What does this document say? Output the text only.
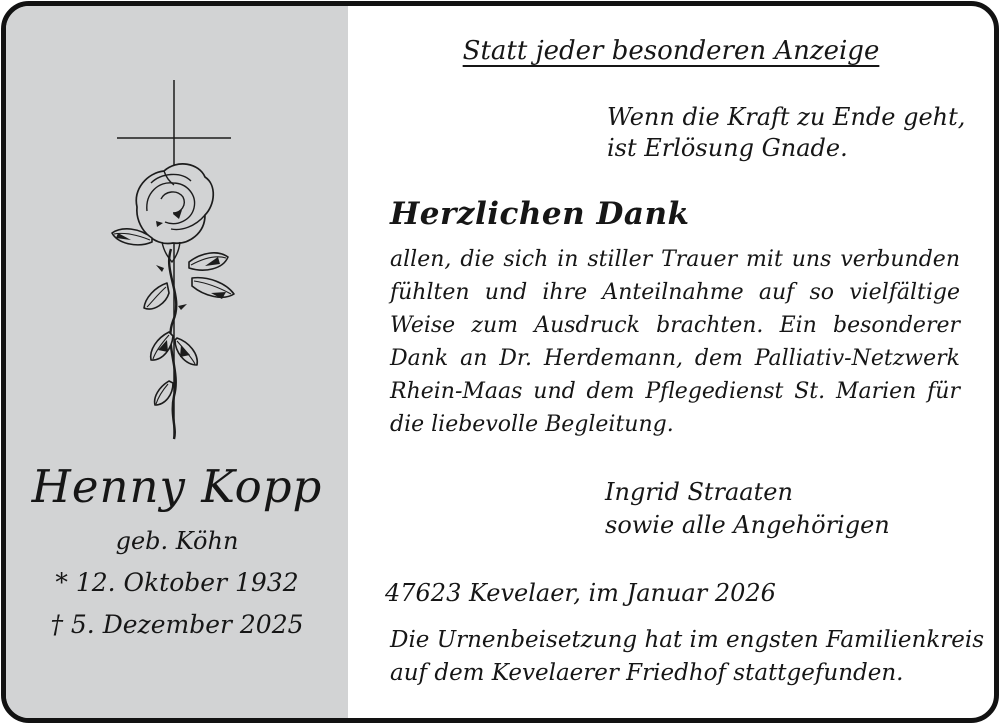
Henny Kopp
geb. Köhn
* 12. Oktober 1932
† 5. Dezember 2025
Statt jeder besonderen Anzeige
Wenn die Kraft zu Ende geht,
ist Erlösung Gnade.
Herzlichen Dank
allen, die sich in stiller Trauer mit uns verbunden
fühlten und ihre Anteilnahme auf so vielfältige
Weise zum Ausdruck brachten. Ein besonderer
Dank an Dr. Herdemann, dem Palliativ-Netzwerk
Rhein-Maas und dem Pflegedienst St. Marien für
die liebevolle Begleitung.
Ingrid Straaten
sowie alle Angehörigen
47623 Kevelaer, im Januar 2026
Die Urnenbeisetzung hat im engsten Familienkreis
auf dem Kevelaerer Friedhof stattgefunden.
